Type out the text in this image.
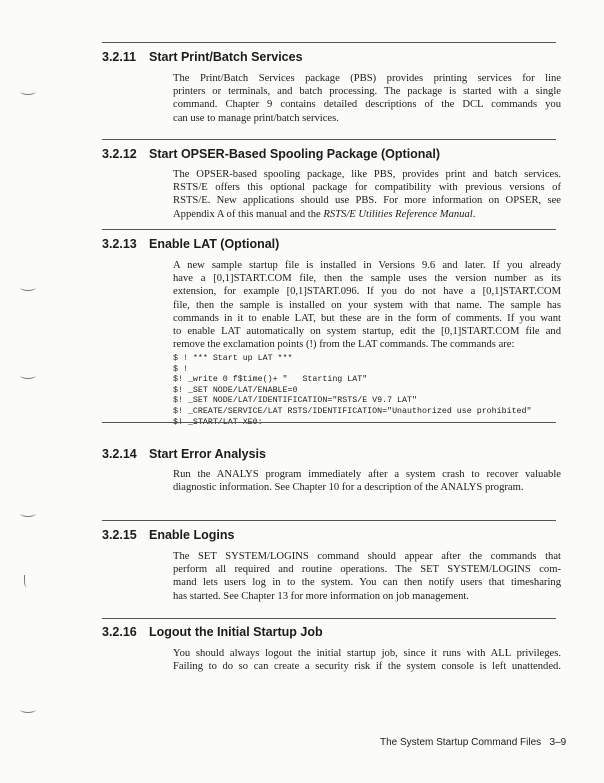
3.2.11 Start Print/Batch Services
The Print/Batch Services package (PBS) provides printing services for line
printers or terminals, and batch processing. The package is started with a single
command. Chapter 9 contains detailed descriptions of the DCL commands you
can use to manage print/batch services.
3.2.12 Start OPSER-Based Spooling Package (Optional)
The OPSER-based spooling package, like PBS, provides print and batch services.
RSTS/E offers this optional package for compatibility with previous versions of
RSTS/E. New applications should use PBS. For more information on OPSER, see
Appendix A of this manual and the RSTS/E Utilities Reference Manual.
3.2.13 Enable LAT (Optional)
A new sample startup file is installed in Versions 9.6 and later. If you already
have a [0,1]START.COM file, then the sample uses the version number as its
extension, for example [0,1]START.096. If you do not have a [0,1]START.COM
file, then the sample is installed on your system with that name. The sample has
commands in it to enable LAT, but these are in the form of comments. If you want
to enable LAT automatically on system startup, edit the [0,1]START.COM file and
remove the exclamation points (!) from the LAT commands. The commands are:
$ ! *** Start up LAT ***
$ !
$! _write 0 f$time()+ "   Starting LAT"
$! _SET NODE/LAT/ENABLE=0
$! _SET NODE/LAT/IDENTIFICATION="RSTS/E V9.7 LAT"
$! _CREATE/SERVICE/LAT RSTS/IDENTIFICATION="Unauthorized use prohibited"
$! _START/LAT XE0:
3.2.14 Start Error Analysis
Run the ANALYS program immediately after a system crash to recover valuable
diagnostic information. See Chapter 10 for a description of the ANALYS program.
3.2.15 Enable Logins
The SET SYSTEM/LOGINS command should appear after the commands that
perform all required and routine operations. The SET SYSTEM/LOGINS com-
mand lets users log in to the system. You can then notify users that timesharing
has started. See Chapter 13 for more information on job management.
3.2.16 Logout the Initial Startup Job
You should always logout the initial startup job, since it runs with ALL privileges.
Failing to do so can create a security risk if the system console is left unattended.
The System Startup Command Files 3–9
